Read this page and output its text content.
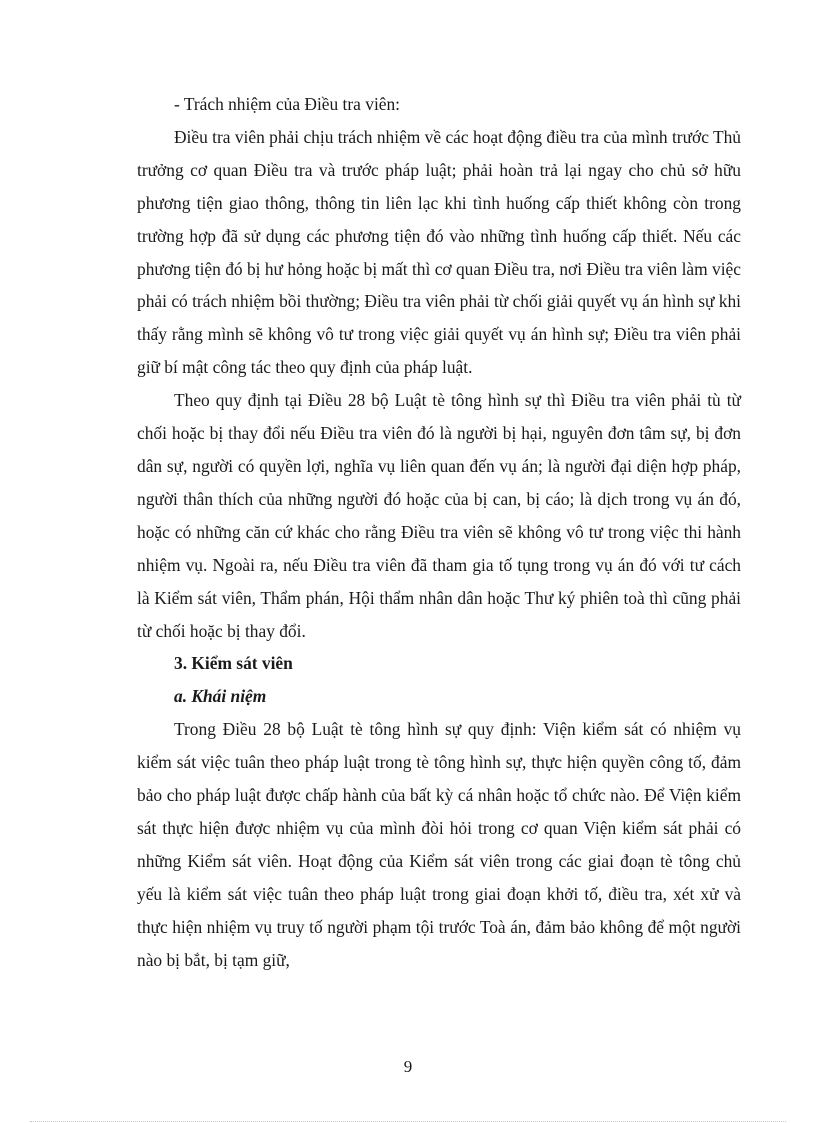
- Trách nhiệm của Điều tra viên:

Điều tra viên phải chịu trách nhiệm về các hoạt động điều tra của mình trước Thủ trưởng cơ quan Điều tra và trước pháp luật; phải hoàn trả lại ngay cho chủ sở hữu phương tiện giao thông, thông tin liên lạc khi tình huống cấp thiết không còn trong trường hợp đã sử dụng các phương tiện đó vào những tình huống cấp thiết. Nếu các phương tiện đó bị hư hỏng hoặc bị mất thì cơ quan Điều tra, nơi Điều tra viên làm việc phải có trách nhiệm bồi thường; Điều tra viên phải từ chối giải quyết vụ án hình sự khi thấy rằng mình sẽ không vô tư trong việc giải quyết vụ án hình sự; Điều tra viên phải giữ bí mật công tác theo quy định của pháp luật.

Theo quy định tại Điều 28 bộ Luật tè tông hình sự thì Điều tra viên phải tù từ chối hoặc bị thay đổi nếu Điều tra viên đó là người bị hại, nguyên đơn tâm sự, bị đơn dân sự, người có quyền lợi, nghĩa vụ liên quan đến vụ án; là người đại diện hợp pháp, người thân thích của những người đó hoặc của bị can, bị cáo; là dịch trong vụ án đó, hoặc có những căn cứ khác cho rằng Điều tra viên sẽ không vô tư trong việc thi hành nhiệm vụ. Ngoài ra, nếu Điều tra viên đã tham gia tố tụng trong vụ án đó với tư cách là Kiểm sát viên, Thẩm phán, Hội thẩm nhân dân hoặc Thư ký phiên toà thì cũng phải từ chối hoặc bị thay đổi.

3. Kiểm sát viên

a. Khái niệm

Trong Điều 28 bộ Luật tè tông hình sự quy định: Viện kiểm sát có nhiệm vụ kiểm sát việc tuân theo pháp luật trong tè tông hình sự, thực hiện quyền công tố, đảm bảo cho pháp luật được chấp hành của bất kỳ cá nhân hoặc tổ chức nào. Để Viện kiểm sát thực hiện được nhiệm vụ của mình đòi hỏi trong cơ quan Viện kiểm sát phải có những Kiểm sát viên. Hoạt động của Kiểm sát viên trong các giai đoạn tè tông chủ yếu là kiểm sát việc tuân theo pháp luật trong giai đoạn khởi tố, điều tra, xét xử và thực hiện nhiệm vụ truy tố người phạm tội trước Toà án, đảm bảo không để một người nào bị bắt, bị tạm giữ,

9
